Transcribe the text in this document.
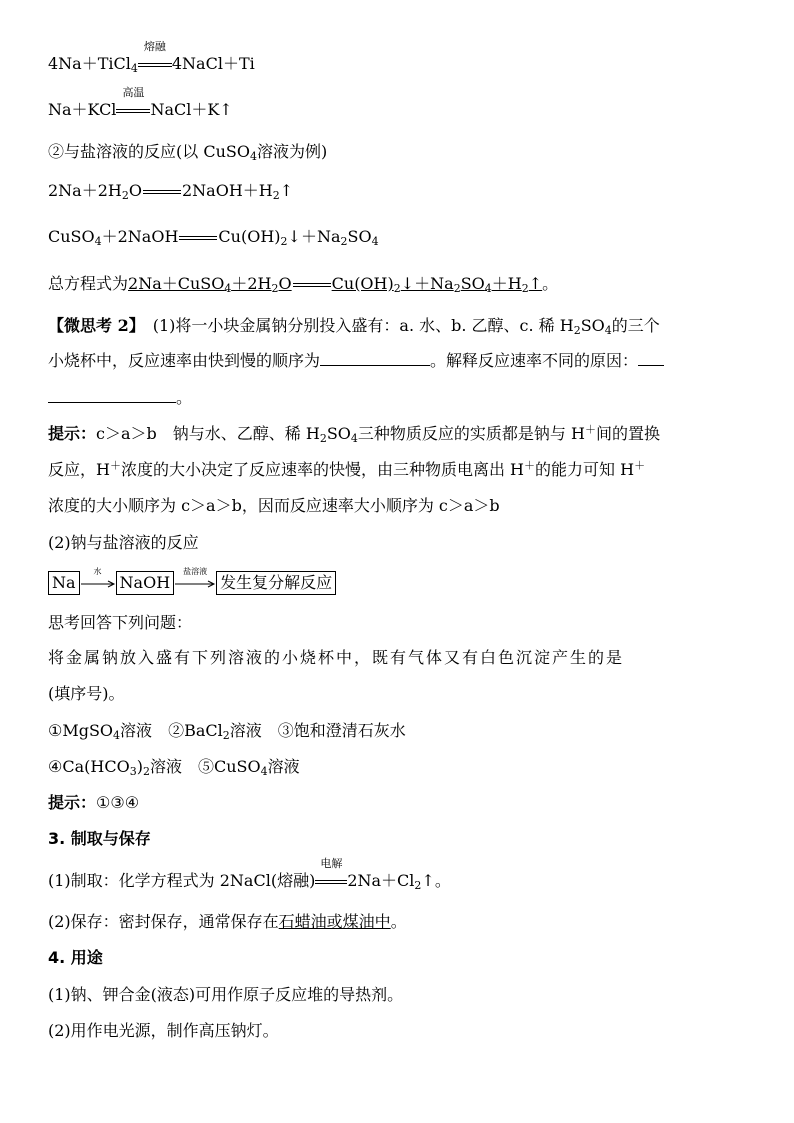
4Na＋TiCl$_4$
熔融
4NaCl＋Ti
Na＋KCl
高温
NaCl＋K↑
②与盐溶液的反应(以 CuSO$_4$溶液为例)
$2Na+2H_2O$	$2NaOH+H_2↑$
CuSO$_4$＋2NaOH	$Cu(OH)_2↓+Na_2SO_4$
总方程式为$2Na+CuSO_4+2H_2O$	$Cu(OH)_2↓+Na_2SO_4+H_2↑$。
【微思考 2】　 (1)将一小块金属钠分别投入盛有：a. 水、b. 乙醇、c. 稀 $H_2SO_4$的三个
小烧杯中，反应速率由快到慢的顺序为	。解释反应速率不同的原因：
。
提示：c＞a＞b　钠与水、乙醇、稀 $H_2SO_4$三种物质反应的实质都是钠与 H＋间的置换
反应，H＋浓度的大小决定了反应速率的快慢，由三种物质电离出 H＋的能力可知 H＋
浓度的大小顺序为 c＞a＞b，因而反应速率大小顺序为 c＞a＞b
(2)钠与盐溶液的反应
Na
水
NaOH
盐溶液
发生复分解反应
思考回答下列问题：
将金属钠放入盛有下列溶液的小烧杯中，既有气体又有白色沉淀产生的是
(填序号)。
①MgSO$_4$溶液　 ②BaCl$_2$溶液　 ③饱和澄清石灰水
$④Ca(HCO_3)_2$溶液　 ⑤CuSO$_4$溶液
提示：①③④
3. 制取与保存
(1)制取：化学方程式为 2NaCl(熔融)
电解
$2Na+Cl_2↑$。
(2)保存：密封保存，通常保存在石蜡油或煤油中。
4. 用途
(1)钠、钾合金(液态)可用作原子反应堆的导热剂。
(2)用作电光源，制作高压钠灯。
